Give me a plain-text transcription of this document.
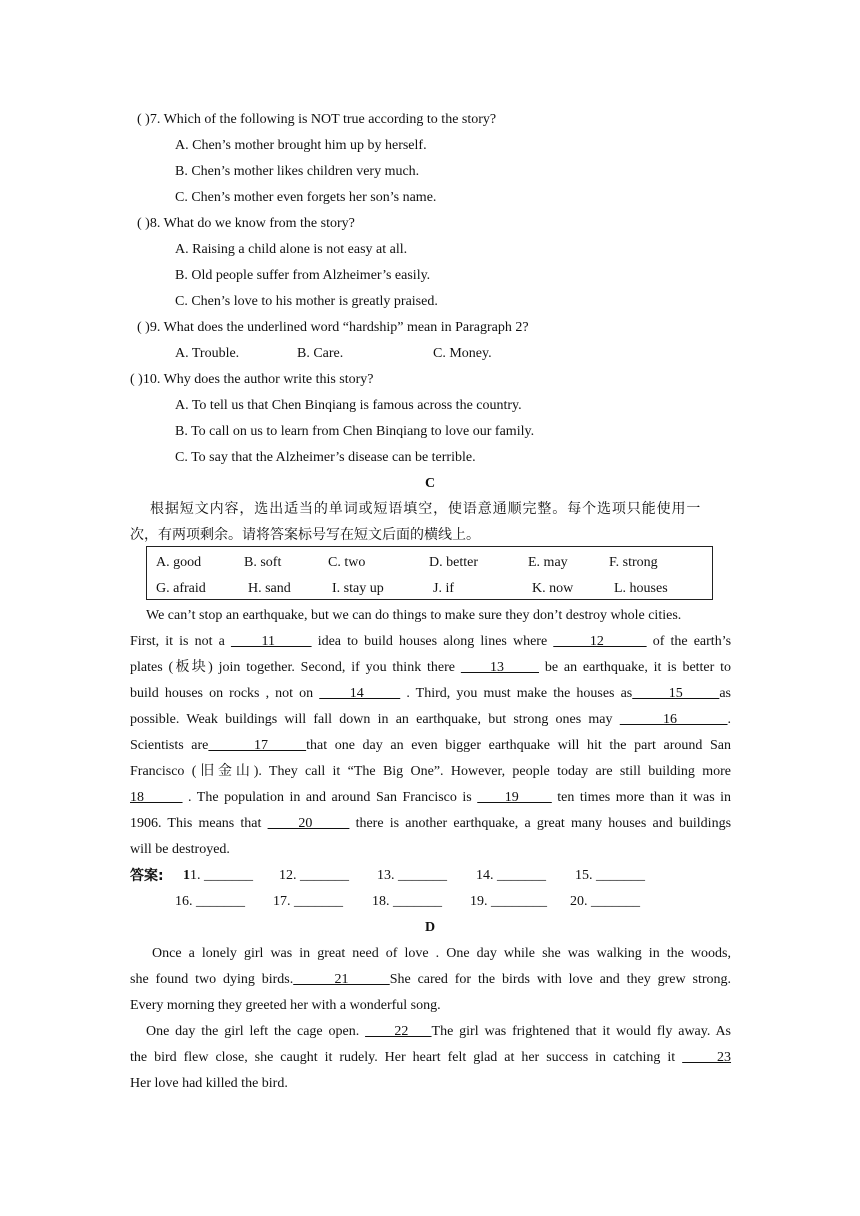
( )7. Which of the following is NOT true according to the story?
A. Chen’s mother brought him up by herself.
B. Chen’s mother likes children very much.
C. Chen’s mother even forgets her son’s name.
( )8. What do we know from the story?
A. Raising a child alone is not easy at all.
B. Old people suffer from Alzheimer’s easily.
C. Chen’s love to his mother is greatly praised.
( )9. What does the underlined word “hardship” mean in Paragraph 2?
A. Trouble.	B. Care.	C. Money.
( )10. Why does the author write this story?
A. To tell us that Chen Binqiang is famous across the country.
B. To call on us to learn from Chen Binqiang to love our family.
C. To say that the Alzheimer’s disease can be terrible.
C
根据短文内容，选出适当的单词或短语填空，使语意通顺完整。每个选项只能使用一
次，有两项剩余。请将答案标号写在短文后面的横线上。
A. good	B. soft	C. two	D. better	E. may	F. strong
G. afraid	H. sand	I. stay up	J. if	K. now	L. houses
We can’t stop an earthquake, but we can do things to make sure they don’t destroy whole cities.
First, it is not a      11       idea to build houses along lines where       12        of the earth’s
plates (板块) join together. Second, if you think there      13       be an earthquake, it is better to
build houses on rocks , not on      14       . Third, you must make the houses as      15      as
possible. Weak buildings will fall down in an earthquake, but strong ones may       16       .
Scientists are      17     that one day an even bigger earthquake will hit the part around San
Francisco (旧金山). They call it “The Big One”. However, people today are still building more
18        . The population in and around San Francisco is      19       ten times more than it was in
1906. This means that      20       there is another earthquake, a great many houses and buildings
will be destroyed.
答案: 11. _______ 12. _______ 13. _______ 14. _______ 15. _______
16. _______ 17. _______ 18. _______ 19. ________ 20. _______
D
Once a lonely girl was in great need of love . One day while she was walking in the woods,
she found two dying birds.      21      She cared for the birds with love and they grew strong.
Every morning they greeted her with a wonderful song.
One day the girl left the cage open.      22    The girl was frightened that it would fly away. As
the bird flew close, she caught it rudely. Her heart felt glad at her success in catching it      23
Her love had killed the bird.
